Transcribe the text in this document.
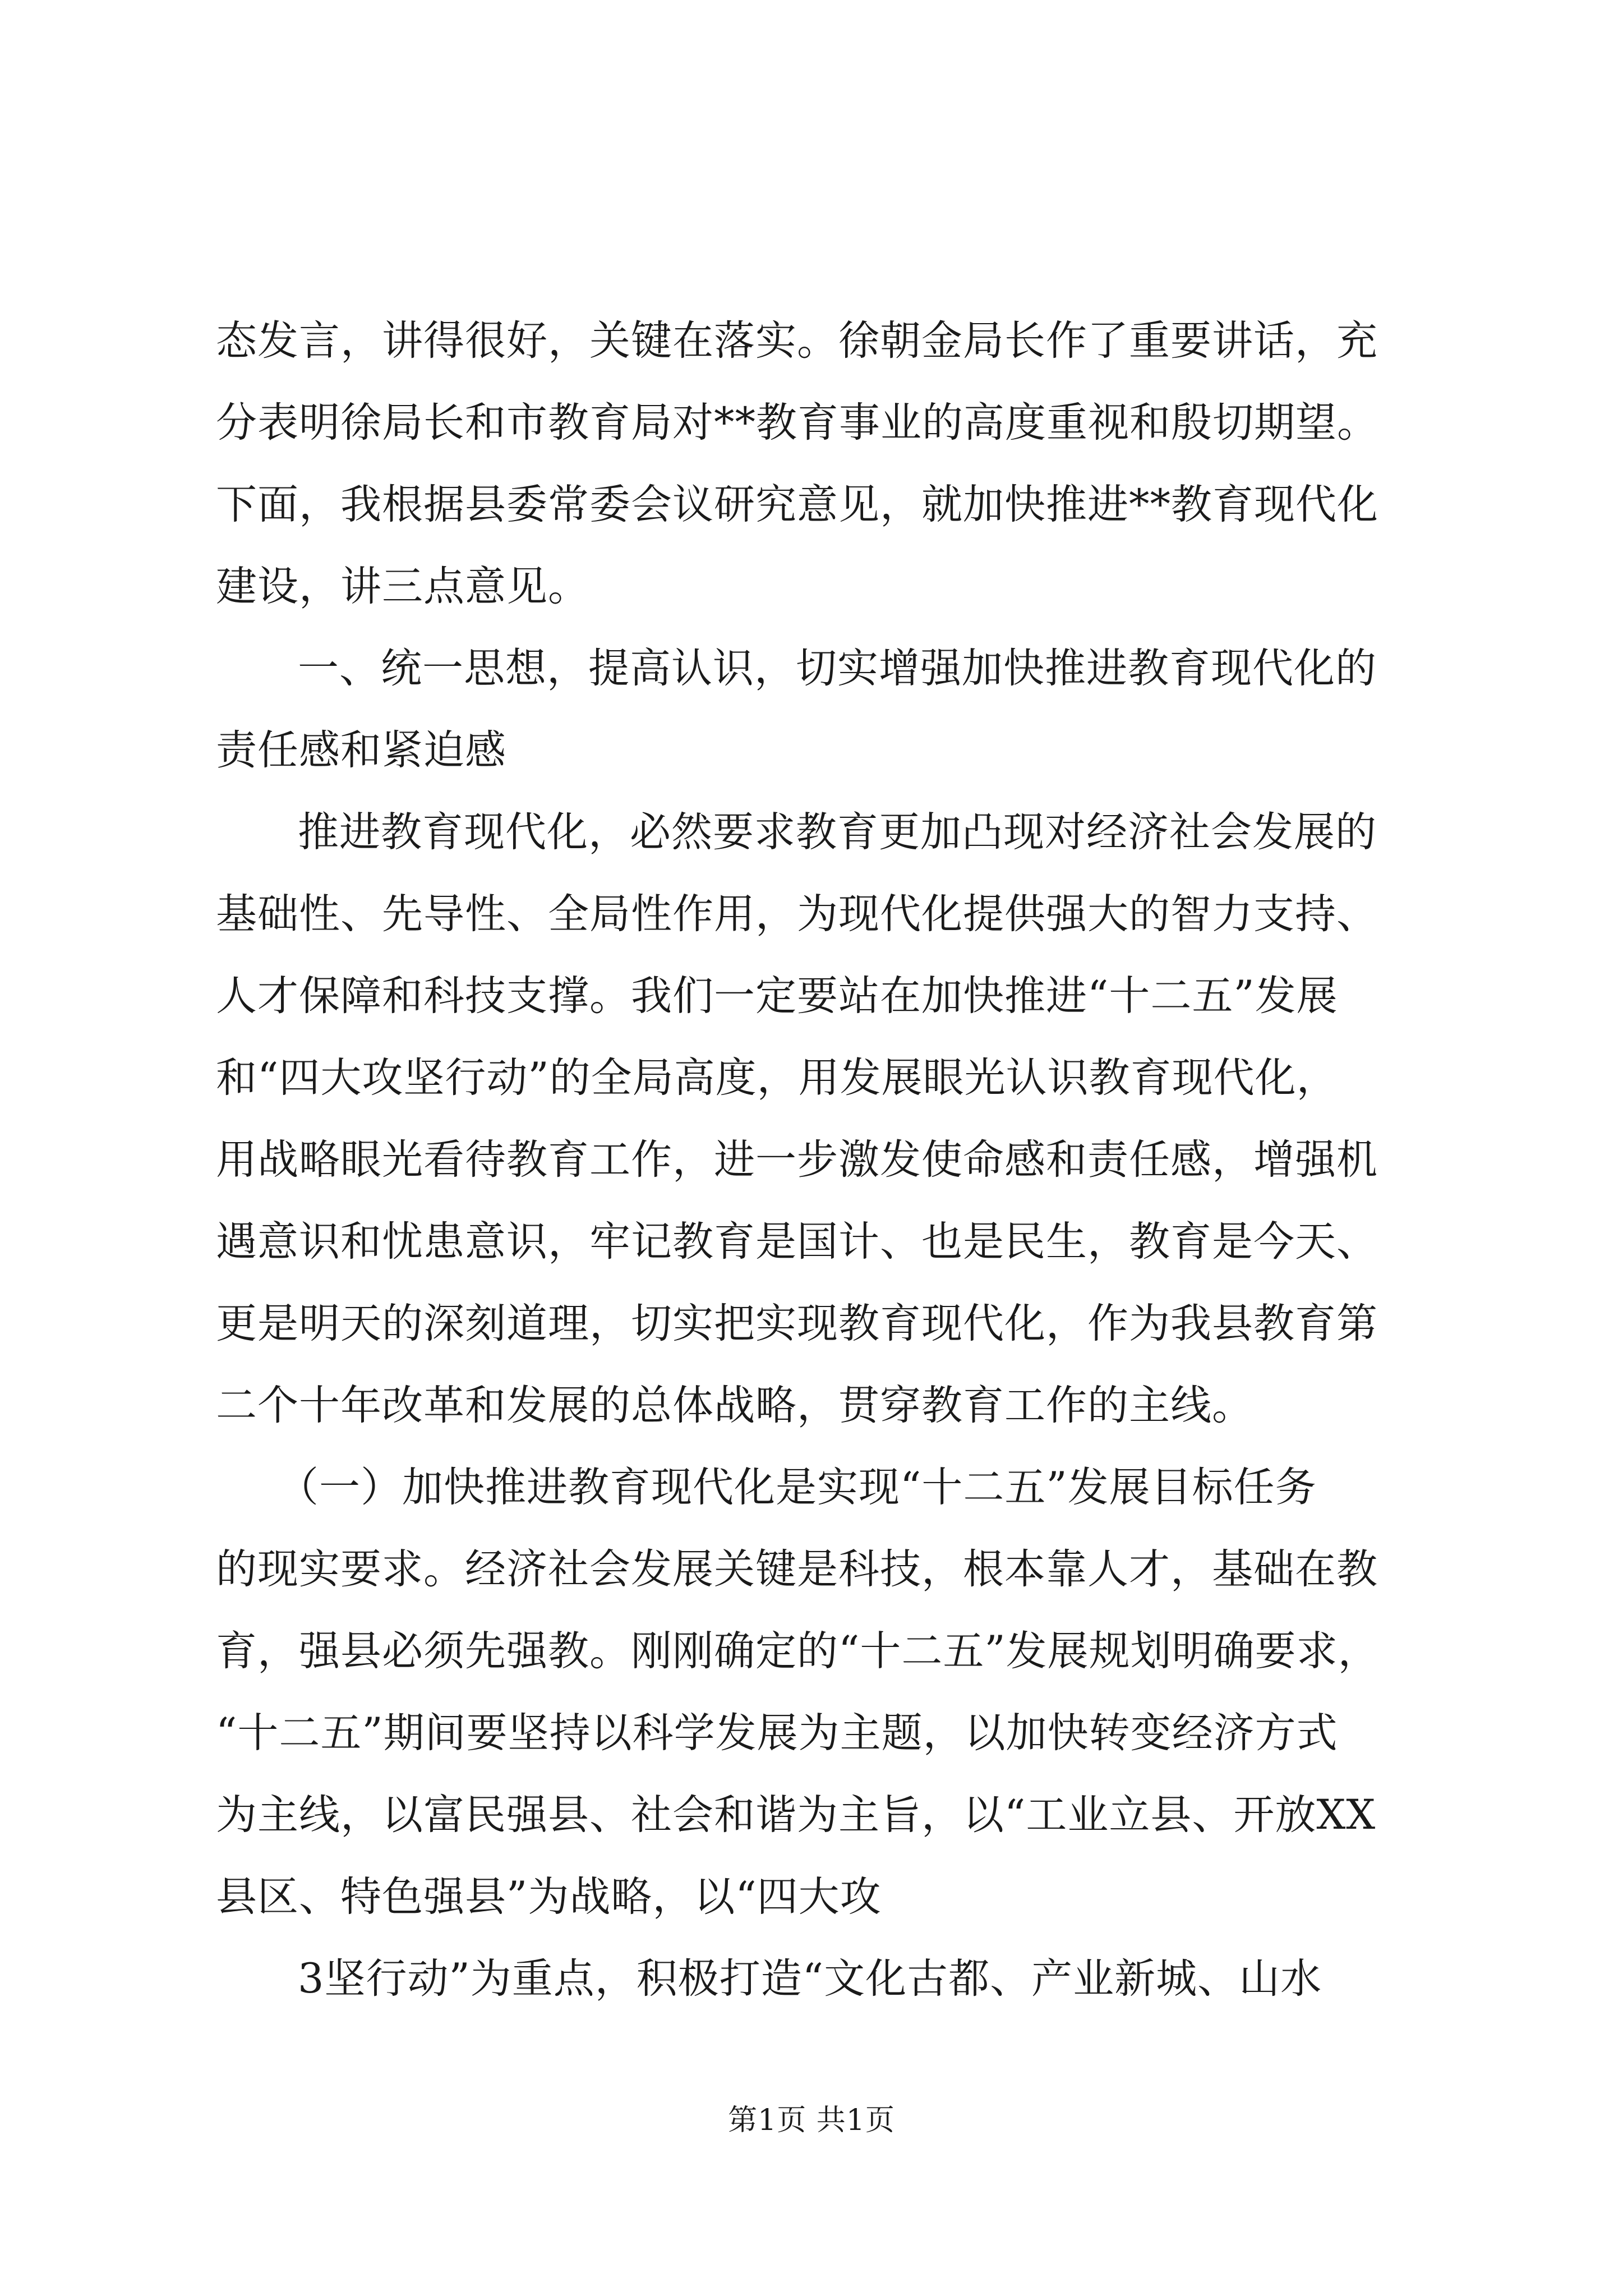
态发言，讲得很好，关键在落实。徐朝金局长作了重要讲话，充
分表明徐局长和市教育局对**教育事业的高度重视和殷切期望。
下面，我根据县委常委会议研究意见，就加快推进**教育现代化
建设，讲三点意见。

一、统一思想，提高认识，切实增强加快推进教育现代化的
责任感和紧迫感

推进教育现代化，必然要求教育更加凸现对经济社会发展的
基础性、先导性、全局性作用，为现代化提供强大的智力支持、
人才保障和科技支撑。我们一定要站在加快推进“十二五”发展
和“四大攻坚行动”的全局高度，用发展眼光认识教育现代化，
用战略眼光看待教育工作，进一步激发使命感和责任感，增强机
遇意识和忧患意识，牢记教育是国计、也是民生，教育是今天、
更是明天的深刻道理，切实把实现教育现代化，作为我县教育第
二个十年改革和发展的总体战略，贯穿教育工作的主线。

（一）加快推进教育现代化是实现“十二五”发展目标任务
的现实要求。经济社会发展关键是科技，根本靠人才，基础在教
育，强县必须先强教。刚刚确定的“十二五”发展规划明确要求，
“十二五”期间要坚持以科学发展为主题，以加快转变经济方式
为主线，以富民强县、社会和谐为主旨，以“工业立县、开放XX
县区、特色强县”为战略，以“四大攻

3坚行动”为重点，积极打造“文化古都、产业新城、山水

第1页 共1页
